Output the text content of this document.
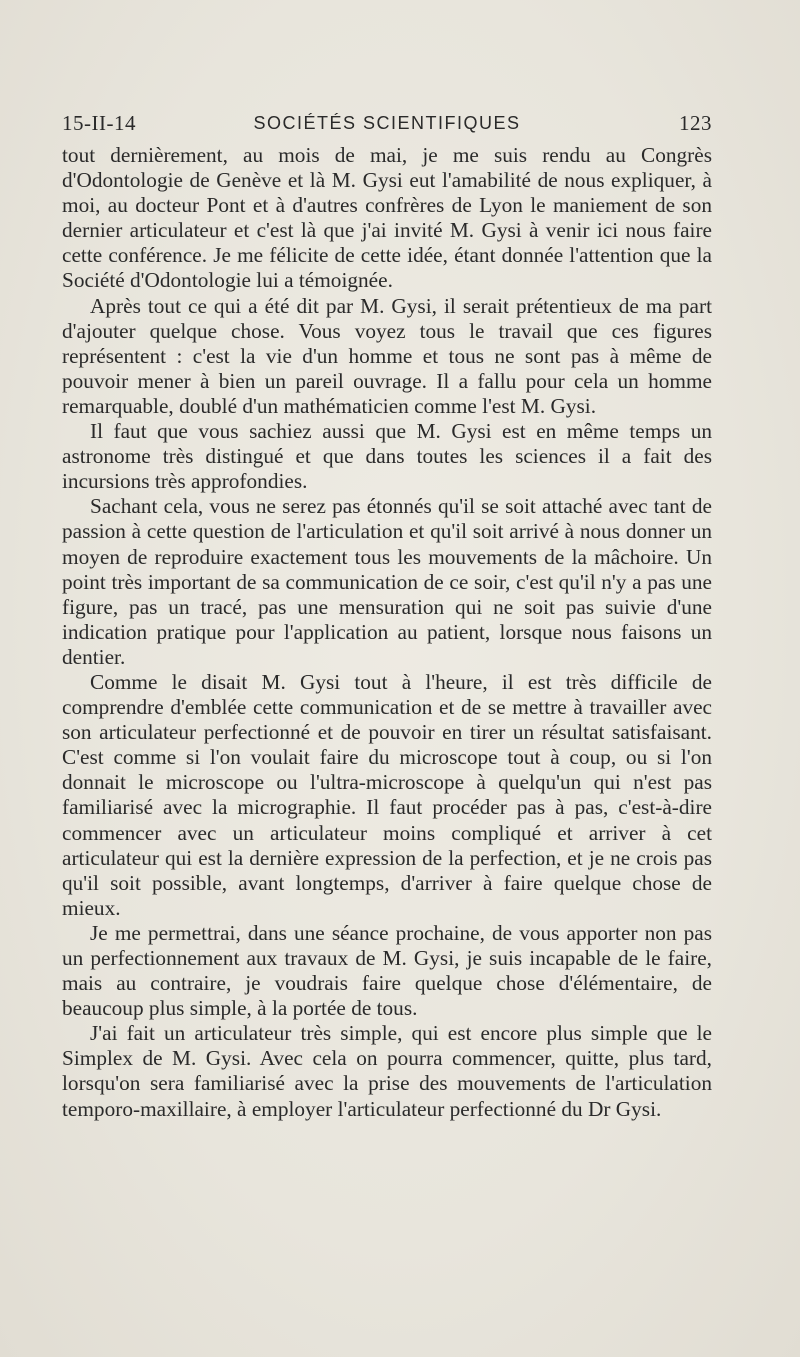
15-II-14	SOCIÉTÉS SCIENTIFIQUES	123

tout dernièrement, au mois de mai, je me suis rendu au Congrès d'Odontologie de Genève et là M. Gysi eut l'amabilité de nous expliquer, à moi, au docteur Pont et à d'autres confrères de Lyon le maniement de son dernier articulateur et c'est là que j'ai invité M. Gysi à venir ici nous faire cette conférence. Je me félicite de cette idée, étant donnée l'attention que la Société d'Odontologie lui a témoignée.

Après tout ce qui a été dit par M. Gysi, il serait prétentieux de ma part d'ajouter quelque chose. Vous voyez tous le travail que ces figures représentent : c'est la vie d'un homme et tous ne sont pas à même de pouvoir mener à bien un pareil ouvrage. Il a fallu pour cela un homme remarquable, doublé d'un mathématicien comme l'est M. Gysi.

Il faut que vous sachiez aussi que M. Gysi est en même temps un astronome très distingué et que dans toutes les sciences il a fait des incursions très approfondies.

Sachant cela, vous ne serez pas étonnés qu'il se soit attaché avec tant de passion à cette question de l'articulation et qu'il soit arrivé à nous donner un moyen de reproduire exactement tous les mouvements de la mâchoire. Un point très important de sa communication de ce soir, c'est qu'il n'y a pas une figure, pas un tracé, pas une mensuration qui ne soit pas suivie d'une indication pratique pour l'application au patient, lorsque nous faisons un dentier.

Comme le disait M. Gysi tout à l'heure, il est très difficile de comprendre d'emblée cette communication et de se mettre à travailler avec son articulateur perfectionné et de pouvoir en tirer un résultat satisfaisant. C'est comme si l'on voulait faire du microscope tout à coup, ou si l'on donnait le microscope ou l'ultra-microscope à quelqu'un qui n'est pas familiarisé avec la micrographie. Il faut procéder pas à pas, c'est-à-dire commencer avec un articulateur moins compliqué et arriver à cet articulateur qui est la dernière expression de la perfection, et je ne crois pas qu'il soit possible, avant longtemps, d'arriver à faire quelque chose de mieux.

Je me permettrai, dans une séance prochaine, de vous apporter non pas un perfectionnement aux travaux de M. Gysi, je suis incapable de le faire, mais au contraire, je voudrais faire quelque chose d'élémentaire, de beaucoup plus simple, à la portée de tous.

J'ai fait un articulateur très simple, qui est encore plus simple que le Simplex de M. Gysi. Avec cela on pourra commencer, quitte, plus tard, lorsqu'on sera familiarisé avec la prise des mouvements de l'articulation temporo-maxillaire, à employer l'articulateur perfectionné du Dr Gysi.
